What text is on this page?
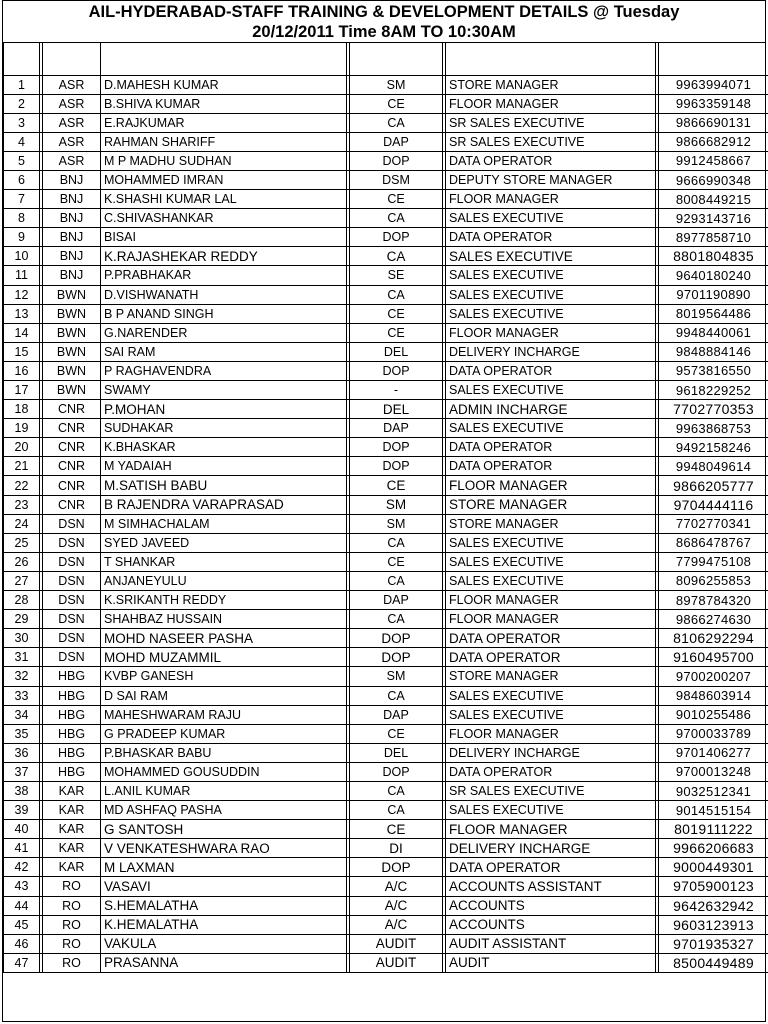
AIL-HYDERABAD-STAFF TRAINING & DEVELOPMENT DETAILS @ Tuesday
20/12/2011 Time 8AM TO 10:30AM

1		ASR	D.MAHESH KUMAR		SM		STORE MANAGER		9963994071
2		ASR	B.SHIVA KUMAR		CE		FLOOR MANAGER		9963359148
3		ASR	E.RAJKUMAR		CA		SR SALES EXECUTIVE		9866690131
4		ASR	RAHMAN SHARIFF		DAP		SR SALES EXECUTIVE		9866682912
5		ASR	M P MADHU SUDHAN		DOP		DATA OPERATOR		9912458667
6		BNJ	MOHAMMED IMRAN		DSM		DEPUTY STORE MANAGER		9666990348
7		BNJ	K.SHASHI KUMAR LAL		CE		FLOOR MANAGER		8008449215
8		BNJ	C.SHIVASHANKAR		CA		SALES EXECUTIVE		9293143716
9		BNJ	BISAI		DOP		DATA OPERATOR		8977858710
10		BNJ	K.RAJASHEKAR REDDY		CA		SALES EXECUTIVE		8801804835
11		BNJ	P.PRABHAKAR		SE		SALES EXECUTIVE		9640180240
12		BWN	D.VISHWANATH		CA		SALES EXECUTIVE		9701190890
13		BWN	B P ANAND SINGH		CE		SALES EXECUTIVE		8019564486
14		BWN	G.NARENDER		CE		FLOOR MANAGER		9948440061
15		BWN	SAI RAM		DEL		DELIVERY INCHARGE		9848884146
16		BWN	P RAGHAVENDRA		DOP		DATA OPERATOR		9573816550
17		BWN	SWAMY		-		SALES EXECUTIVE		9618229252
18		CNR	P.MOHAN		DEL		ADMIN INCHARGE		7702770353
19		CNR	SUDHAKAR		DAP		SALES EXECUTIVE		9963868753
20		CNR	K.BHASKAR		DOP		DATA OPERATOR		9492158246
21		CNR	M YADAIAH		DOP		DATA OPERATOR		9948049614
22		CNR	M.SATISH BABU		CE		FLOOR MANAGER		9866205777
23		CNR	B RAJENDRA VARAPRASAD		SM		STORE MANAGER		9704444116
24		DSN	M SIMHACHALAM		SM		STORE MANAGER		7702770341
25		DSN	SYED JAVEED		CA		SALES EXECUTIVE		8686478767
26		DSN	T SHANKAR		CE		SALES EXECUTIVE		7799475108
27		DSN	ANJANEYULU		CA		SALES EXECUTIVE		8096255853
28		DSN	K.SRIKANTH REDDY		DAP		FLOOR MANAGER		8978784320
29		DSN	SHAHBAZ HUSSAIN		CA		FLOOR MANAGER		9866274630
30		DSN	MOHD NASEER PASHA		DOP		DATA OPERATOR		8106292294
31		DSN	MOHD MUZAMMIL		DOP		DATA OPERATOR		9160495700
32		HBG	KVBP GANESH		SM		STORE MANAGER		9700200207
33		HBG	D SAI RAM		CA		SALES EXECUTIVE		9848603914
34		HBG	MAHESHWARAM RAJU		DAP		SALES EXECUTIVE		9010255486
35		HBG	G PRADEEP KUMAR		CE		FLOOR MANAGER		9700033789
36		HBG	P.BHASKAR BABU		DEL		DELIVERY INCHARGE		9701406277
37		HBG	MOHAMMED GOUSUDDIN		DOP		DATA OPERATOR		9700013248
38		KAR	L.ANIL KUMAR		CA		SR SALES EXECUTIVE		9032512341
39		KAR	MD ASHFAQ PASHA		CA		SALES EXECUTIVE		9014515154
40		KAR	G SANTOSH		CE		FLOOR MANAGER		8019111222
41		KAR	V VENKATESHWARA RAO		DI		DELIVERY INCHARGE		9966206683
42		KAR	M LAXMAN		DOP		DATA OPERATOR		9000449301
43		RO	VASAVI		A/C		ACCOUNTS ASSISTANT		9705900123
44		RO	S.HEMALATHA		A/C		ACCOUNTS		9642632942
45		RO	K.HEMALATHA		A/C		ACCOUNTS		9603123913
46		RO	VAKULA		AUDIT		AUDIT ASSISTANT		9701935327
47		RO	PRASANNA		AUDIT		AUDIT		8500449489
